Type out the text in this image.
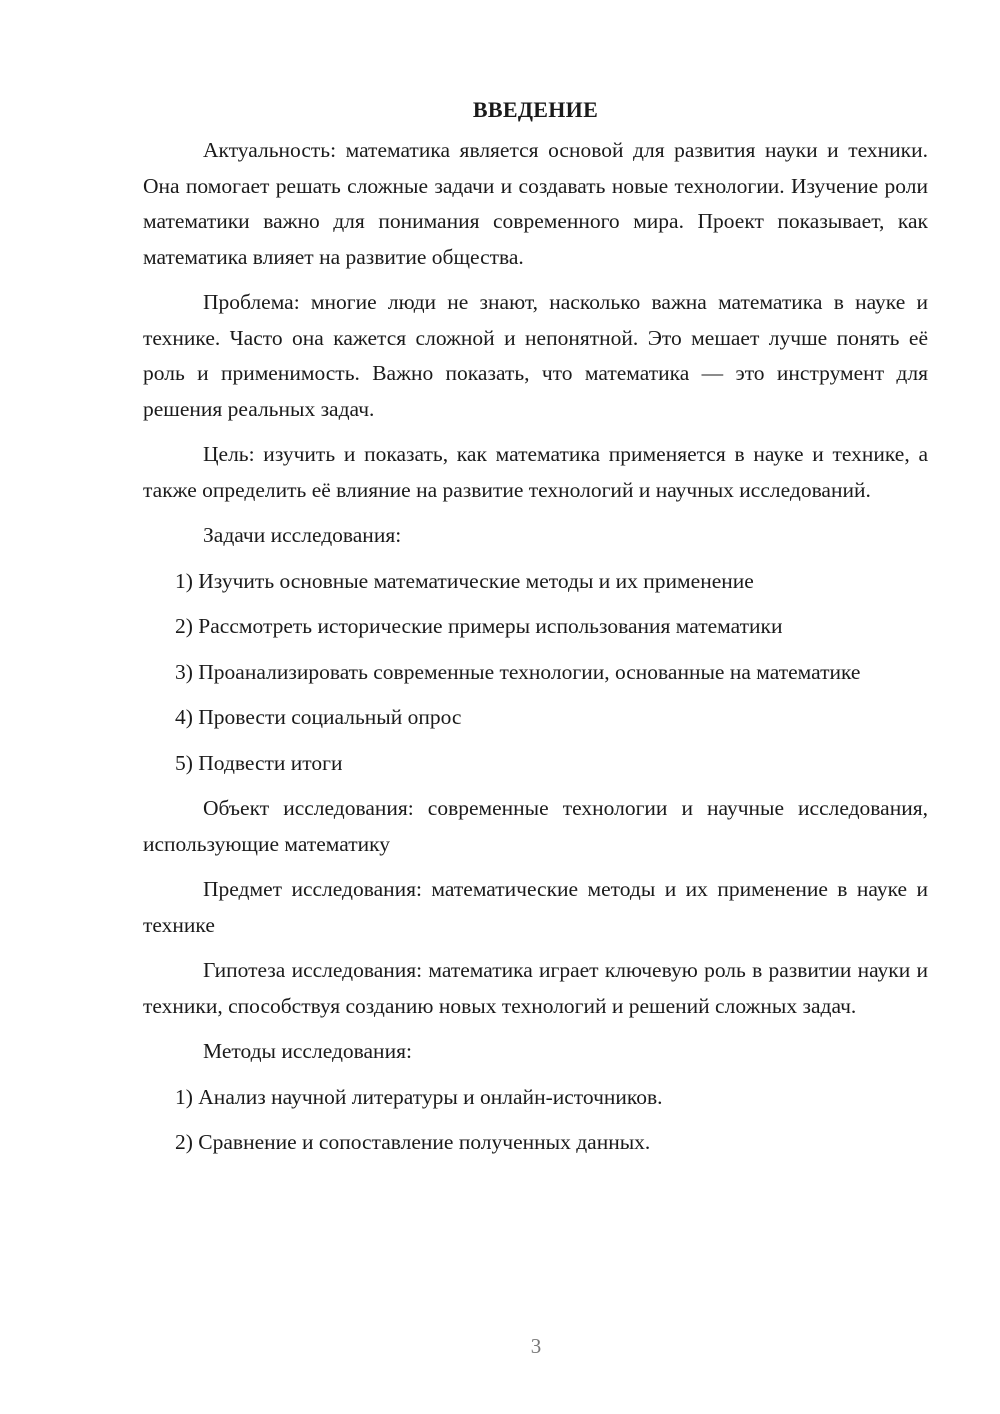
ВВЕДЕНИЕ

Актуальность: математика является основой для развития науки и техники. Она помогает решать сложные задачи и создавать новые технологии. Изучение роли математики важно для понимания современного мира. Проект показывает, как математика влияет на развитие общества.

Проблема: многие люди не знают, насколько важна математика в науке и технике. Часто она кажется сложной и непонятной. Это мешает лучше понять её роль и применимость. Важно показать, что математика — это инструмент для решения реальных задач.

Цель: изучить и показать, как математика применяется в науке и технике, а также определить её влияние на развитие технологий и научных исследований.

Задачи исследования:

1) Изучить основные математические методы и их применение

2) Рассмотреть исторические примеры использования математики

3) Проанализировать современные технологии, основанные на математике

4) Провести социальный опрос

5) Подвести итоги

Объект исследования: современные технологии и научные исследования, использующие математику

Предмет исследования: математические методы и их применение в науке и технике

Гипотеза исследования: математика играет ключевую роль в развитии науки и техники, способствуя созданию новых технологий и решений сложных задач.

Методы исследования:

1) Анализ научной литературы и онлайн-источников.

2) Сравнение и сопоставление полученных данных.

3
